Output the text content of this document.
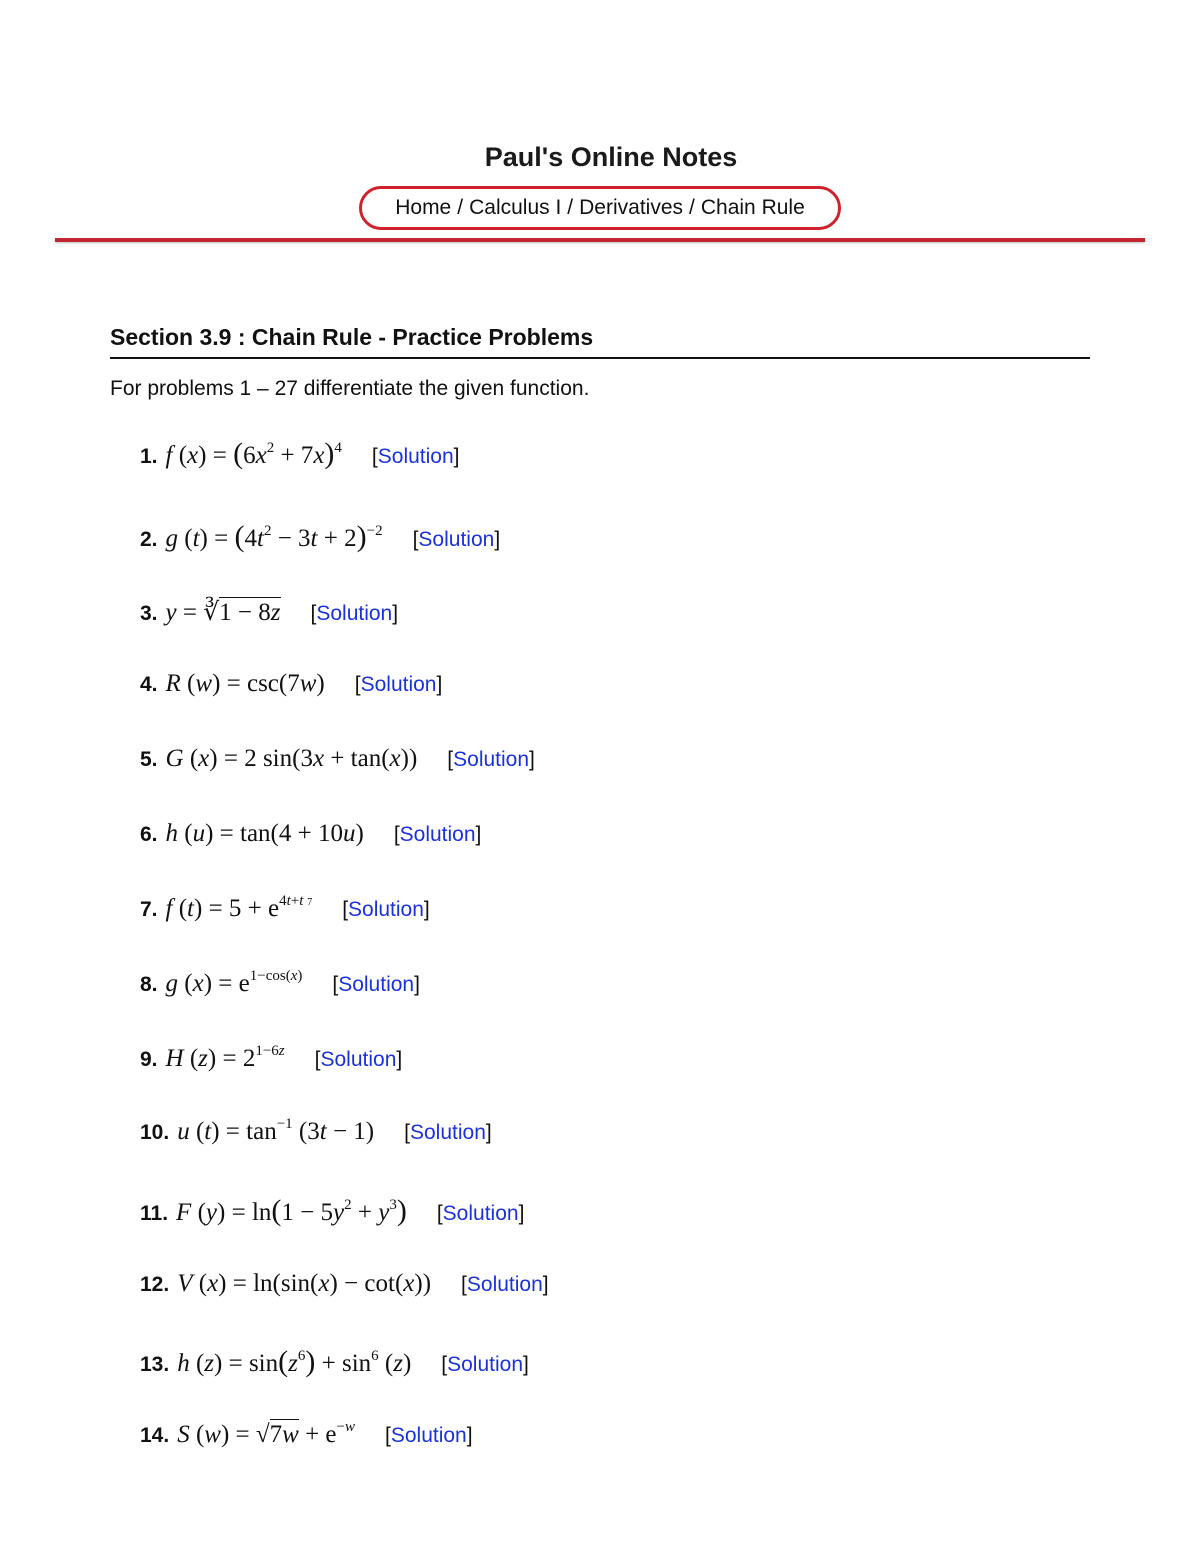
Paul's Online Notes
Home / Calculus I / Derivatives / Chain Rule
Section 3.9 : Chain Rule - Practice Problems
For problems 1 – 27 differentiate the given function.
1. f $(x) = (6x^2 + 7x)^4$ [Solution]
2. g $(t) = (4t^2 - 3t + 2)^{-2}$ [Solution]
3. y = ∛1 − 8z [Solution]
4. R (w) = csc(7w) [Solution]
5. G (x) = 2 sin(3x + tan(x)) [Solution]
6. h (u) = tan(4 + 10u) [Solution]
7. f $(t) = 5 + e^{4t+t 7}$ [Solution]
8. g $(x) = e^{1-cos(x)}$ [Solution]
9. H $(z) = 2^{1-6z}$ [Solution]
10. u $(t) = \tan^{-1} (3t - 1)$ [Solution]
11. F $(y) = \ln(1 - 5y^2 + y^3)$ [Solution]
12. V (x) = ln(sin(x) − cot(x)) [Solution]
13. h $(z) = \sin(z^6) + \sin^6 (z)$ [Solution]
14. S $(w) = √7w + e^{-w}$ [Solution]
